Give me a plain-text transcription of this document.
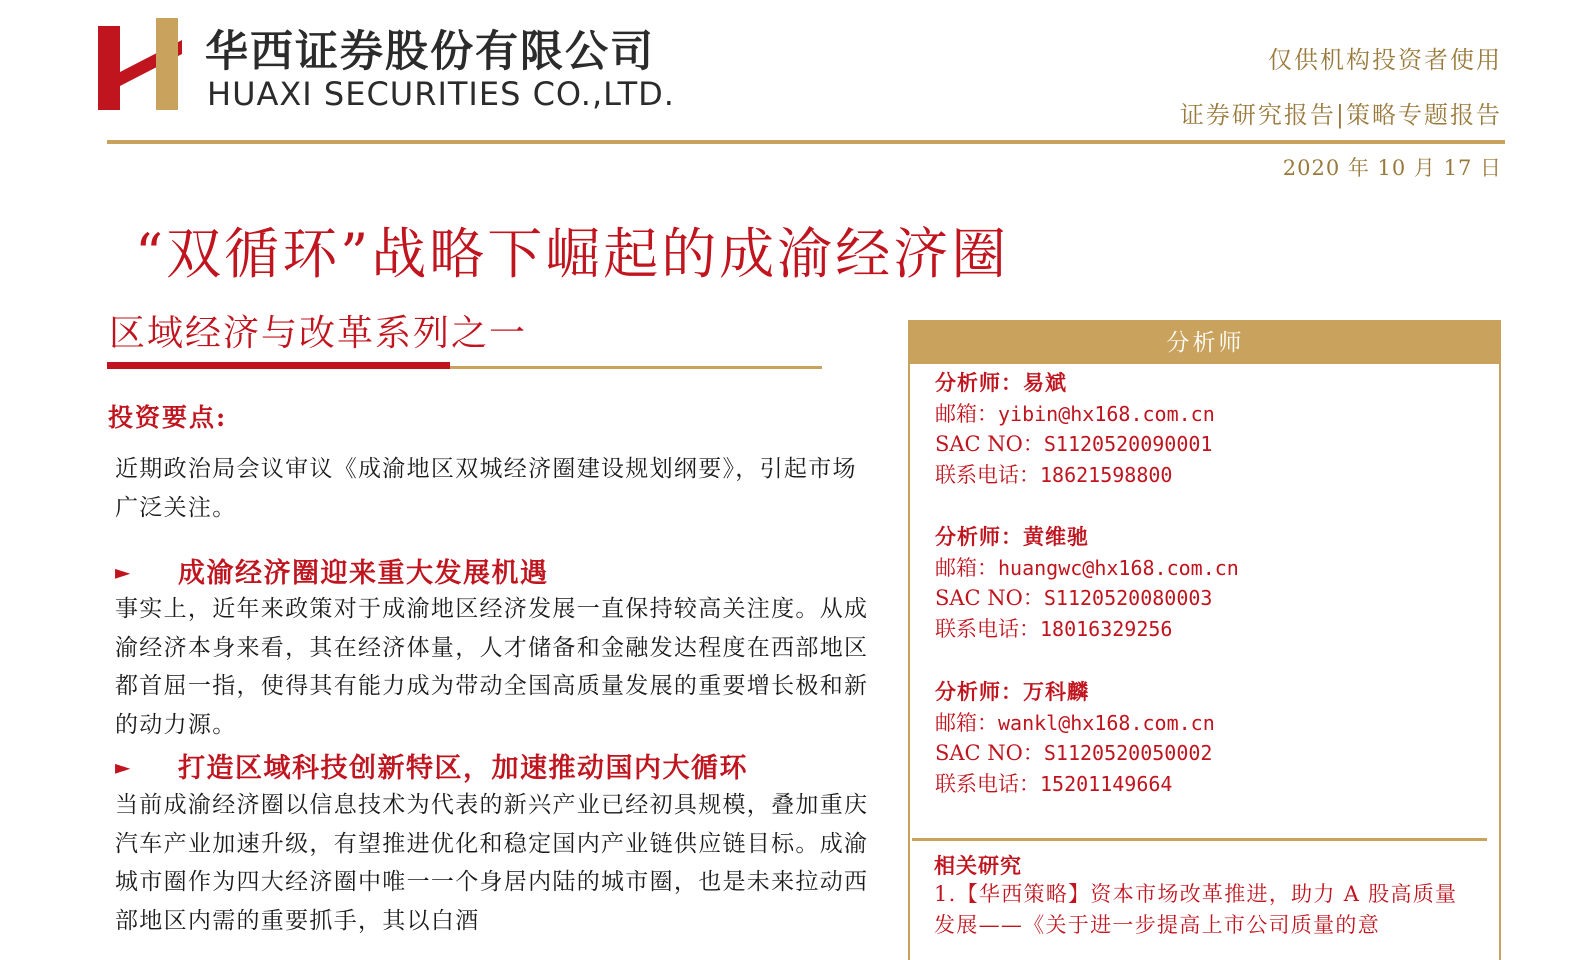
华西证券股份有限公司
HUAXI SECURITIES CO.,LTD.
仅供机构投资者使用
证券研究报告|策略专题报告
2020 年 10 月 17 日
“双循环”战略下崛起的成渝经济圈
区域经济与改革系列之一
投资要点:
近期政治局会议审议《成渝地区双城经济圈建设规划纲要》，引起市场广泛关注。
► 成渝经济圈迎来重大发展机遇
事实上，近年来政策对于成渝地区经济发展一直保持较高关注度。从成渝经济本身来看，其在经济体量，人才储备和金融发达程度在西部地区都首屈一指，使得其有能力成为带动全国高质量发展的重要增长极和新的动力源。
► 打造区域科技创新特区，加速推动国内大循环
当前成渝经济圈以信息技术为代表的新兴产业已经初具规模，叠加重庆汽车产业加速升级，有望推进优化和稳定国内产业链供应链目标。成渝城市圈作为四大经济圈中唯一一个身居内陆的城市圈，也是未来拉动西部地区内需的重要抓手，其以白酒
分析师
分析师：易斌
邮箱：yibin@hx168.com.cn
SAC NO：S1120520090001
联系电话：18621598800
分析师：黄维驰
邮箱：huangwc@hx168.com.cn
SAC NO：S1120520080003
联系电话：18016329256
分析师：万科麟
邮箱：wankl@hx168.com.cn
SAC NO：S1120520050002
联系电话：15201149664
相关研究
1.【华西策略】资本市场改革推进，助力 A 股高质量发展——《关于进一步提高上市公司质量的意
